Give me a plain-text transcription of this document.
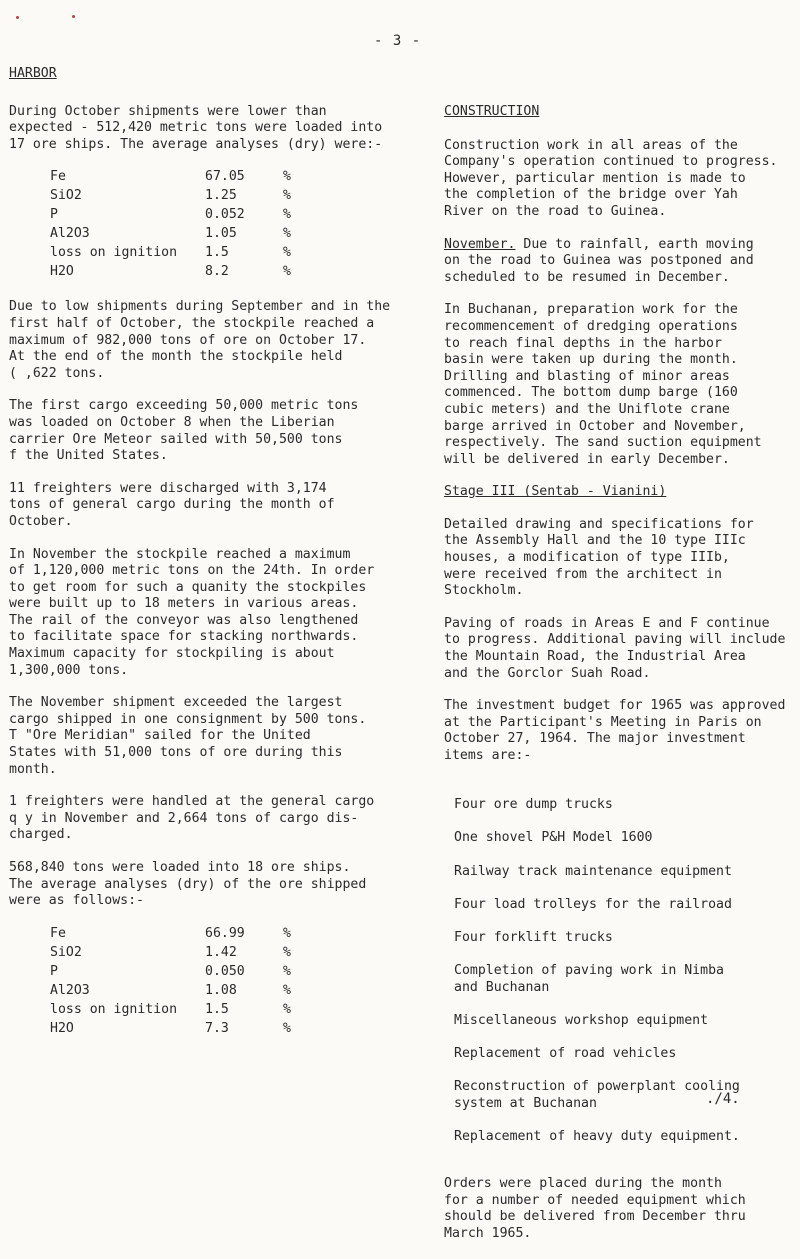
- 3 -
HARBOR

During October shipments were lower than
expected - 512,420 metric tons were loaded into
17 ore ships. The average analyses (dry) were:-

Fe	67.05	%
SiO2	1.25	%
P	0.052	%
Al2O3	1.05	%
loss on ignition	1.5	%
H2O	8.2	%

Due to low shipments during September and in the
first half of October, the stockpile reached a
maximum of 982,000 tons of ore on October 17.
At the end of the month the stockpile held
( ,622 tons.

The first cargo exceeding 50,000 metric tons
was loaded on October 8 when the Liberian
carrier Ore Meteor sailed with 50,500 tons
f the United States.

11 freighters were discharged with 3,174
tons of general cargo during the month of
October.

In November the stockpile reached a maximum
of 1,120,000 metric tons on the 24th. In order
to get room for such a quanity the stockpiles
were built up to 18 meters in various areas.
The rail of the conveyor was also lengthened
to facilitate space for stacking northwards.
Maximum capacity for stockpiling is about
1,300,000 tons.

The November shipment exceeded the largest
cargo shipped in one consignment by 500 tons.
T "Ore Meridian" sailed for the United
States with 51,000 tons of ore during this
month.

1 freighters were handled at the general cargo
q y in November and 2,664 tons of cargo dis-
charged.

568,840 tons were loaded into 18 ore ships.
The average analyses (dry) of the ore shipped
were as follows:-

Fe	66.99	%
SiO2	1.42	%
P	0.050	%
Al2O3	1.08	%
loss on ignition	1.5	%
H2O	7.3	%
CONSTRUCTION

Construction work in all areas of the
Company's operation continued to progress.
However, particular mention is made to
the completion of the bridge over Yah
River on the road to Guinea.

November. Due to rainfall, earth moving
on the road to Guinea was postponed and
scheduled to be resumed in December.

In Buchanan, preparation work for the
recommencement of dredging operations
to reach final depths in the harbor
basin were taken up during the month.
Drilling and blasting of minor areas
commenced. The bottom dump barge (160
cubic meters) and the Uniflote crane
barge arrived in October and November,
respectively. The sand suction equipment
will be delivered in early December.

Stage III (Sentab - Vianini)

Detailed drawing and specifications for
the Assembly Hall and the 10 type IIIc
houses, a modification of type IIIb,
were received from the architect in
Stockholm.

Paving of roads in Areas E and F continue
to progress. Additional paving will include
the Mountain Road, the Industrial Area
and the Gorclor Suah Road.

The investment budget for 1965 was approved
at the Participant's Meeting in Paris on
October 27, 1964. The major investment
items are:-

Four ore dump trucks

One shovel P&H Model 1600

Railway track maintenance equipment

Four load trolleys for the railroad

Four forklift trucks

Completion of paving work in Nimba
and Buchanan

Miscellaneous workshop equipment

Replacement of road vehicles

Reconstruction of powerplant cooling
system at Buchanan

Replacement of heavy duty equipment.

Orders were placed during the month
for a number of needed equipment which
should be delivered from December thru
March 1965.

./4.
